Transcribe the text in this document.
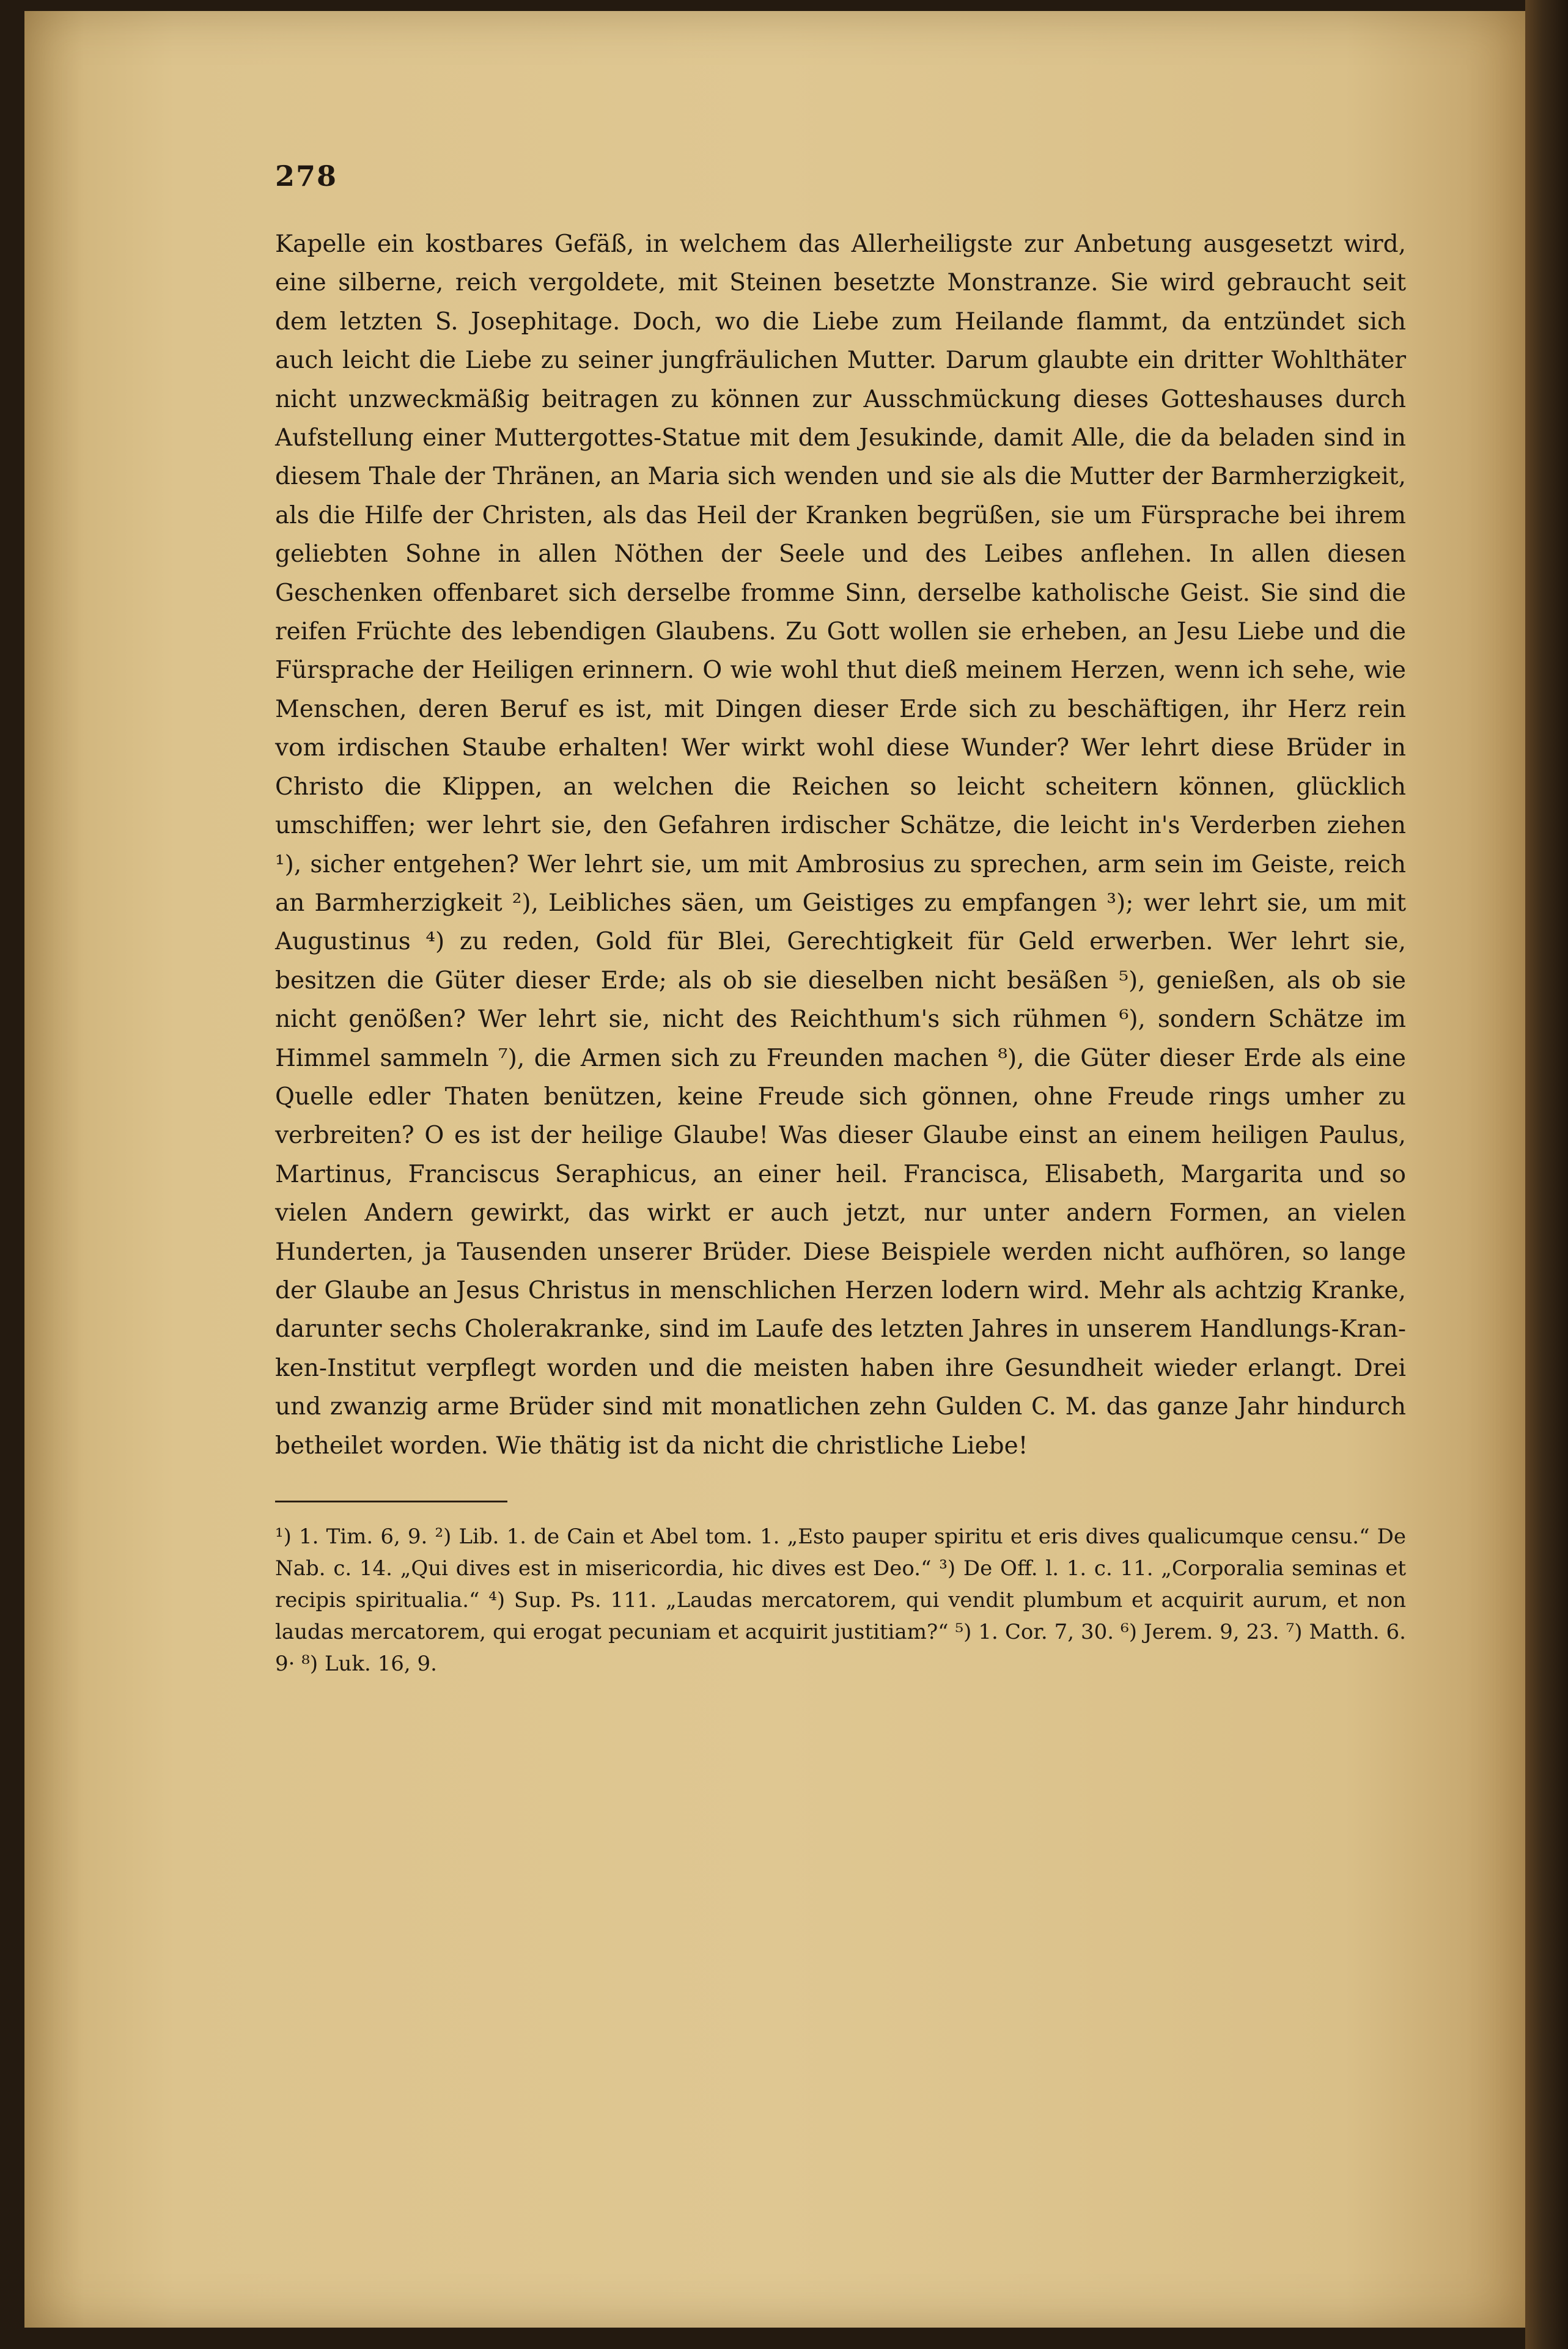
278

Kapelle ein kostbares Gefäß, in welchem das Allerheiligste zur Anbetung ausgesetzt wird, eine silberne, reich vergoldete, mit Steinen besetzte Monstranze. Sie wird gebraucht seit dem letzten S. Josephitage. Doch, wo die Liebe zum Heilande flammt, da entzündet sich auch leicht die Liebe zu seiner jungfräulichen Mutter. Darum glaubte ein dritter Wohlthäter nicht unzweckmäßig beitragen zu können zur Ausschmückung dieses Gotteshauses durch Aufstellung einer Muttergottes-Statue mit dem Jesukinde, damit Alle, die da beladen sind in diesem Thale der Thränen, an Maria sich wenden und sie als die Mutter der Barmherzigkeit, als die Hilfe der Christen, als das Heil der Kranken begrüßen, sie um Fürsprache bei ihrem geliebten Sohne in allen Nöthen der Seele und des Leibes anflehen. In allen diesen Geschenken offenbaret sich derselbe fromme Sinn, derselbe katholische Geist. Sie sind die reifen Früchte des lebendigen Glaubens. Zu Gott wollen sie erheben, an Jesu Liebe und die Fürsprache der Heiligen erinnern. O wie wohl thut dieß meinem Herzen, wenn ich sehe, wie Menschen, deren Beruf es ist, mit Dingen dieser Erde sich zu beschäftigen, ihr Herz rein vom irdischen Staube erhalten! Wer wirkt wohl diese Wunder? Wer lehrt diese Brüder in Christo die Klippen, an welchen die Reichen so leicht scheitern können, glücklich umschiffen; wer lehrt sie, den Gefahren irdischer Schätze, die leicht in's Verderben ziehen ¹), sicher entgehen? Wer lehrt sie, um mit Ambrosius zu sprechen, arm sein im Geiste, reich an Barmherzigkeit ²), Leibliches säen, um Geistiges zu empfangen ³); wer lehrt sie, um mit Augustinus ⁴) zu reden, Gold für Blei, Gerechtigkeit für Geld erwerben. Wer lehrt sie, besitzen die Güter dieser Erde; als ob sie dieselben nicht besäßen ⁵), genießen, als ob sie nicht genößen? Wer lehrt sie, nicht des Reichthum's sich rühmen ⁶), sondern Schätze im Himmel sammeln ⁷), die Armen sich zu Freunden machen ⁸), die Güter dieser Erde als eine Quelle edler Thaten benützen, keine Freude sich gönnen, ohne Freude rings umher zu verbreiten? O es ist der heilige Glaube! Was dieser Glaube einst an einem heiligen Paulus, Martinus, Franciscus Seraphicus, an einer heil. Francisca, Elisabeth, Margarita und so vielen Andern gewirkt, das wirkt er auch jetzt, nur unter andern Formen, an vielen Hunderten, ja Tausenden unserer Brüder. Diese Beispiele werden nicht aufhören, so lange der Glaube an Jesus Christus in menschlichen Herzen lodern wird. Mehr als achtzig Kranke, darunter sechs Cholerakranke, sind im Laufe des letzten Jahres in unserem Handlungs-Kranken-Institut verpflegt worden und die meisten haben ihre Gesundheit wieder erlangt. Drei und zwanzig arme Brüder sind mit monatlichen zehn Gulden C. M. das ganze Jahr hindurch betheilet worden. Wie thätig ist da nicht die christliche Liebe!

¹) 1. Tim. 6, 9. ²) Lib. 1. de Cain et Abel tom. 1. „Esto pauper spiritu et eris dives qualicumque censu.“ De Nab. c. 14. „Qui dives est in misericordia, hic dives est Deo.“ ³) De Off. l. 1. c. 11. „Corporalia seminas et recipis spiritualia.“ ⁴) Sup. Ps. 111. „Laudas mercatorem, qui vendit plumbum et acquirit aurum, et non laudas mercatorem, qui erogat pecuniam et acquirit justitiam?“ ⁵) 1. Cor. 7, 30. ⁶) Jerem. 9, 23. ⁷) Matth. 6. 9· ⁸) Luk. 16, 9.
